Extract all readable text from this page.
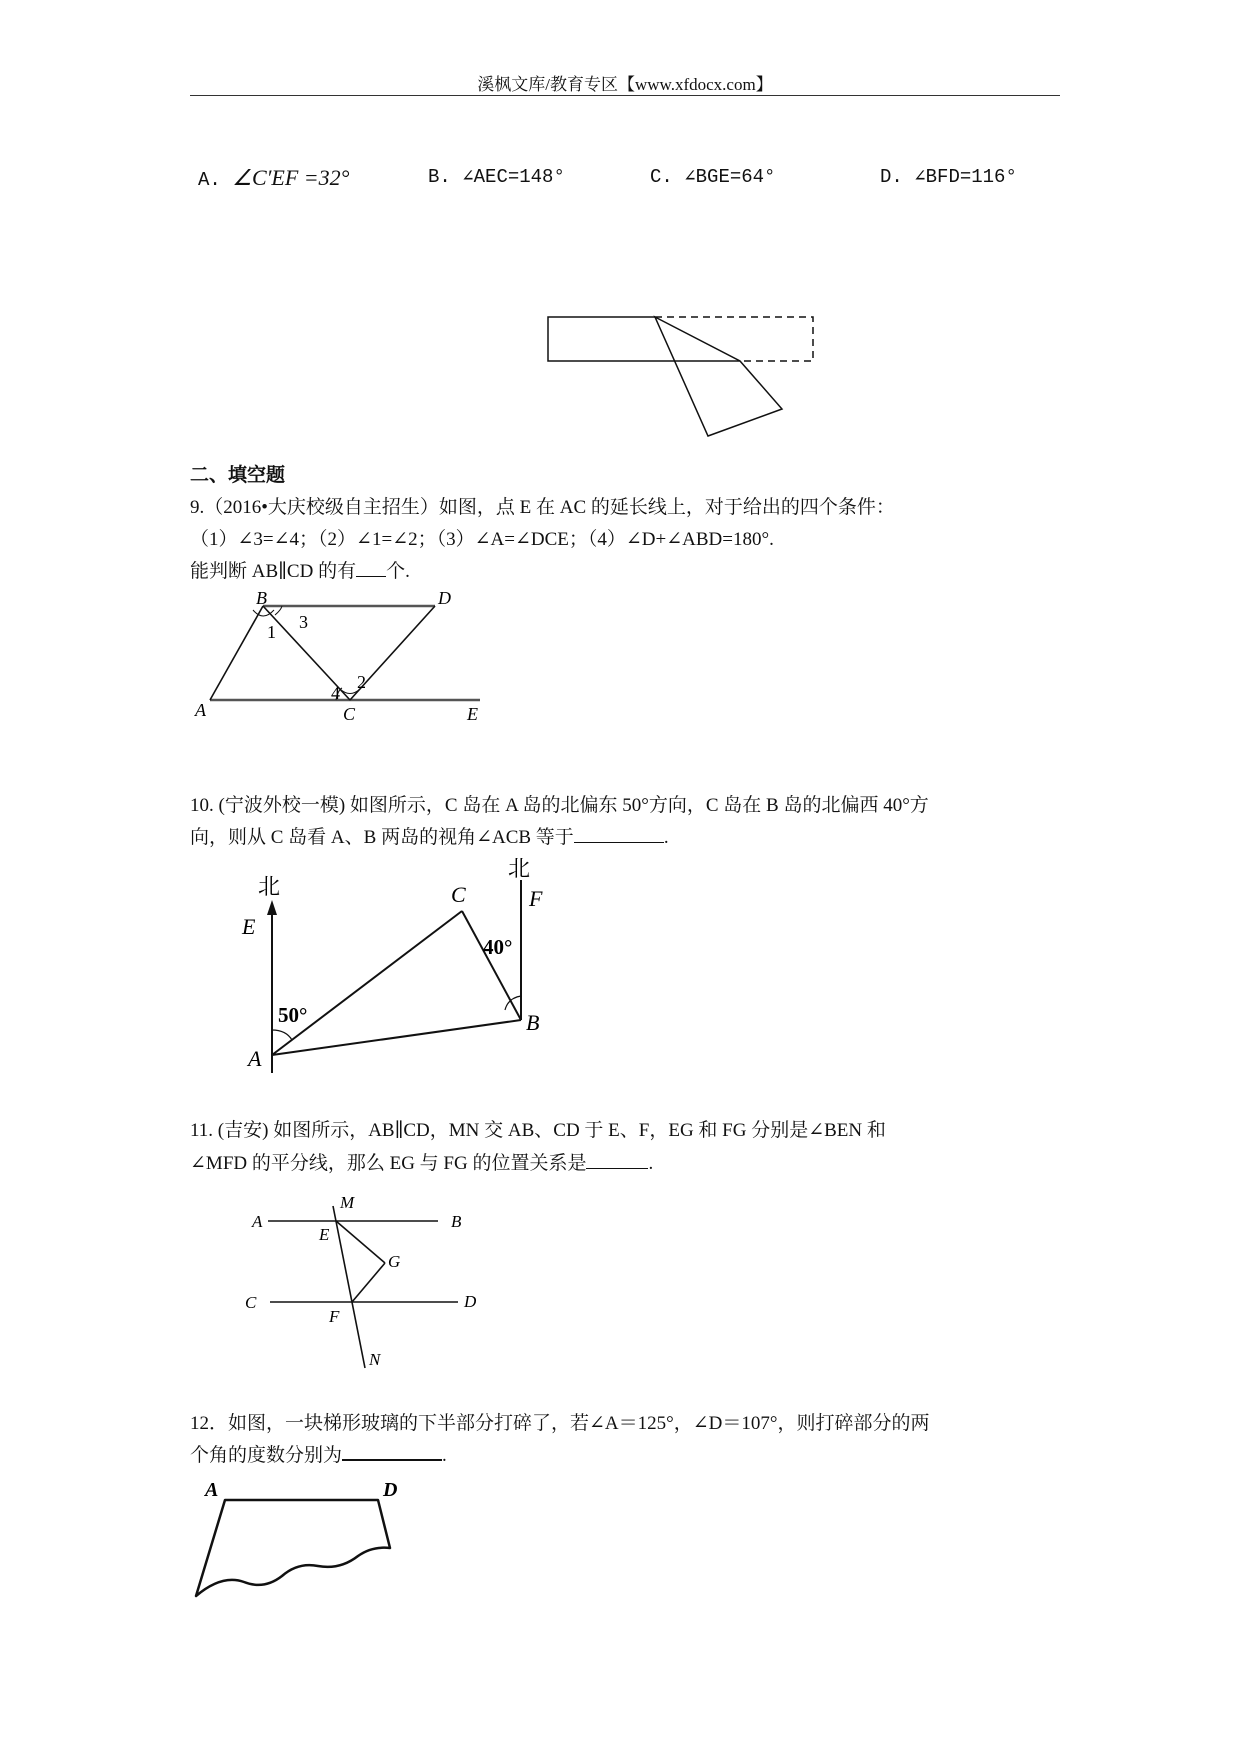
溪枫文库/教育专区【www.xfdocx.com】
A. ∠C′EF =32°	B. ∠AEC=148°	C. ∠BGE=64°	D. ∠BFD=116°
二、填空题
9.（2016•大庆校级自主招生）如图，点 E 在 AC 的延长线上，对于给出的四个条件：
（1）∠3=∠4；（2）∠1=∠2；（3）∠A=∠DCE；（4）∠D+∠ABD=180°.
能判断 AB∥CD 的有 个.
B	D
A	C	E
1 3
2
4
10. (宁波外校一模) 如图所示，C 岛在 A 岛的北偏东 50°方向，C 岛在 B 岛的北偏西 40°方
向，则从 C 岛看 A、B 两岛的视角∠ACB 等于	.
北
北
E
F
C
A
B
50°
40°
11. (吉安) 如图所示，AB∥CD，MN 交 AB、CD 于 E、F，EG 和 FG 分别是∠BEN 和
∠MFD 的平分线，那么 EG 与 FG 的位置关系是	.
M
A	B
E
G
C	D
F
N
12．如图，一块梯形玻璃的下半部分打碎了，若∠A＝125°，∠D＝107°，则打碎部分的两
个角的度数分别为	.
A	D
